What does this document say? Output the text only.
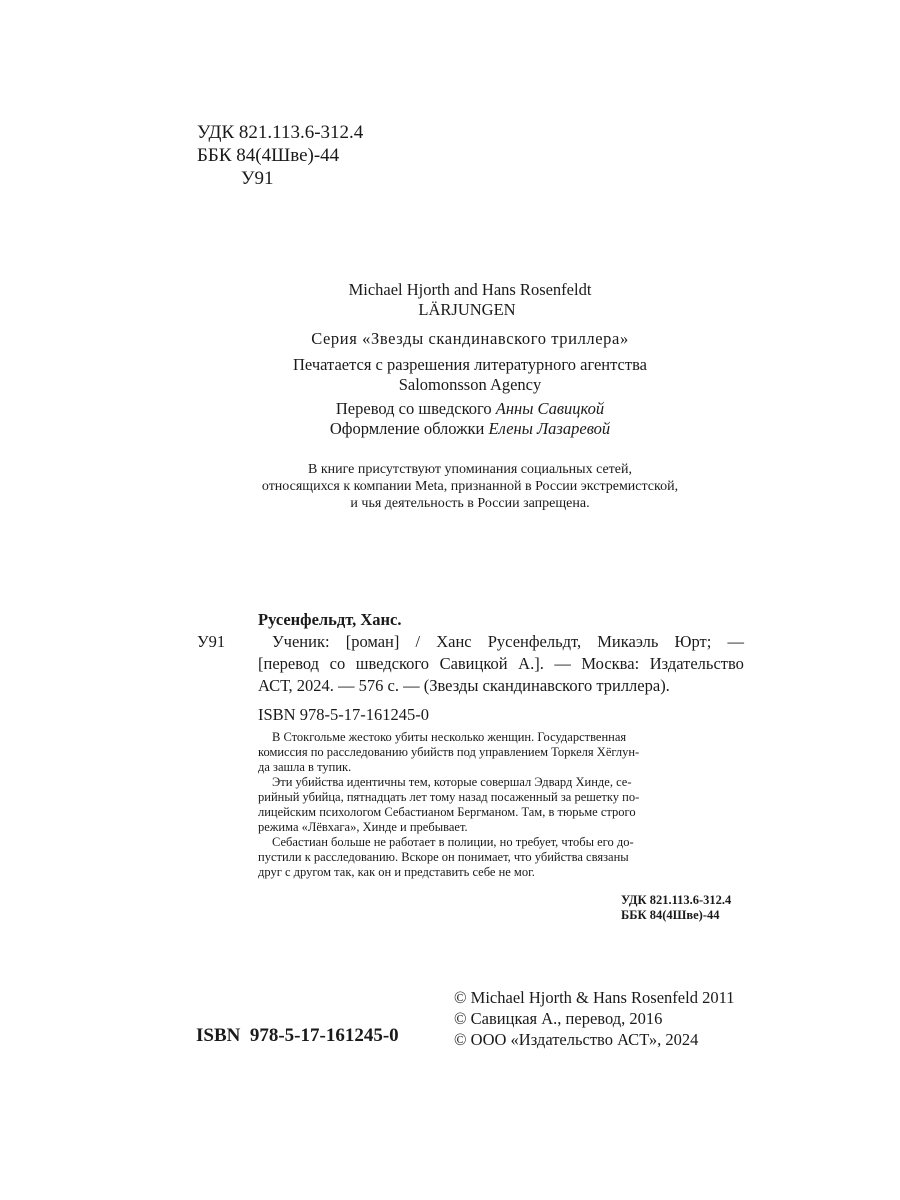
УДК 821.113.6-312.4
ББК 84(4Шве)-44
У91
Michael Hjorth and Hans Rosenfeldt
LÄRJUNGEN
Серия «Звезды скандинавского триллера»
Печатается с разрешения литературного агентства
Salomonsson Agency
Перевод со шведского Анны Савицкой
Оформление обложки Елены Лазаревой
В книге присутствуют упоминания социальных сетей,
относящихся к компании Meta, признанной в России экстремистской,
и чья деятельность в России запрещена.
Русенфельдт, Ханс.
У91	Ученик: [роман] / Ханс Русенфельдт, Микаэль Юрт; —
[перевод со шведского Савицкой А.]. — Москва: Издательство
АСТ, 2024. — 576 с. — (Звезды скандинавского триллера).
ISBN 978-5-17-161245-0
В Стокгольме жестоко убиты несколько женщин. Государственная
комиссия по расследованию убийств под управлением Торкеля Хёглун-
да зашла в тупик.
Эти убийства идентичны тем, которые совершал Эдвард Хинде, се-
рийный убийца, пятнадцать лет тому назад посаженный за решетку по-
лицейским психологом Себастианом Бергманом. Там, в тюрьме строго
режима «Лёвхага», Хинде и пребывает.
Себастиан больше не работает в полиции, но требует, чтобы его до-
пустили к расследованию. Вскоре он понимает, что убийства связаны
друг с другом так, как он и представить себе не мог.
УДК 821.113.6-312.4
ББК 84(4Шве)-44
ISBN  978-5-17-161245-0
© Michael Hjorth & Hans Rosenfeld 2011
© Савицкая А., перевод, 2016
© ООО «Издательство АСТ», 2024
